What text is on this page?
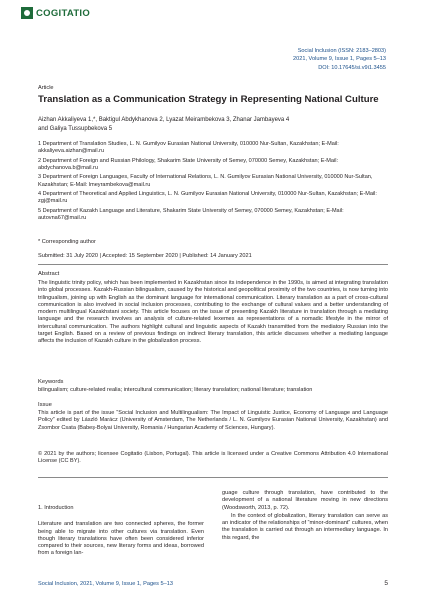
COGITATIO
Social Inclusion (ISSN: 2183–2803)
2021, Volume 9, Issue 1, Pages 5–13
DOI: 10.17645/si.v9i1.3455
Article
Translation as a Communication Strategy in Representing National Culture
Aizhan Akkaliyeva 1,*, Baktigul Abdykhanova 2, Lyazat Meirambekova 3, Zhanar Jambayeva 4
and Galiya Tussupbekova 5

1 Department of Translation Studies, L. N. Gumilyov Eurasian National University, 010000 Nur-Sultan, Kazakhstan; E-Mail: akkaliyeva.aizhan@mail.ru

2 Department of Foreign and Russian Philology, Shakarim State University of Semey, 070000 Semey, Kazakhstan; E-Mail: abdychanova.b@mail.ru

3 Department of Foreign Languages, Faculty of International Relations, L. N. Gumilyov Eurasian National University, 010000 Nur-Sultan, Kazakhstan; E-Mail: lmeyrambekova@mail.ru

4 Department of Theoretical and Applied Linguistics, L. N. Gumilyov Eurasian National University, 010000 Nur-Sultan, Kazakhstan; E-Mail: zgj@mail.ru

5 Department of Kazakh Language and Literature, Shakarim State University of Semey, 070000 Semey, Kazakhstan; E-Mail: autovna67@mail.ru

* Corresponding author
Submitted: 31 July 2020 | Accepted: 15 September 2020 | Published: 14 January 2021
Abstract
The linguistic trinity policy, which has been implemented in Kazakhstan since its independence in the 1990s, is aimed at integrating translation into global processes. Kazakh-Russian bilingualism, caused by the historical and geopolitical proximity of the two countries, is now turning into trilingualism, joining up with English as the dominant language for international communication. Literary translation as a part of cross-cultural communication is also involved in social inclusion processes, contributing to the exchange of cultural values and a better understanding of modern multilingual Kazakhstani society. This article focuses on the issue of presenting Kazakh literature in translation through a mediating language and the research involves an analysis of culture-related lexemes as representations of a nomadic lifestyle in the mirror of intercultural communication. The authors highlight cultural and linguistic aspects of Kazakh transmitted from the mediatory Russian into the target English. Based on a review of previous findings on indirect literary translation, this article discusses whether a mediating language affects the inclusion of Kazakh culture in the globalization process.
Keywords
bilingualism; culture-related realia; intercultural communication; literary translation; national literature; translation
Issue
This article is part of the issue “Social Inclusion and Multilingualism: The Impact of Linguistic Justice, Economy of Language and Language Policy” edited by László Marácz (University of Amsterdam, The Netherlands / L. N. Gumilyov Eurasian National University, Kazakhstan) and Zsombor Csata (Babeș-Bolyai University, Romania / Hungarian Academy of Sciences, Hungary).
© 2021 by the authors; licensee Cogitatio (Lisbon, Portugal). This article is licensed under a Creative Commons Attribution 4.0 International License (CC BY).

1. Introduction

Literature and translation are two connected spheres, the former being able to migrate into other cultures via translation. Even though literary translations have often been considered inferior compared to their sources, new literary forms and ideas, borrowed from a foreign lan-

guage culture through translation, have contributed to the development of a national literature moving in new directions (Woodsworth, 2013, p. 72).

In the context of globalization, literary translation can serve as an indicator of the relationships of “minor-dominant” cultures, when the translation is carried out through an intermediary language. In this regard, the

Social Inclusion, 2021, Volume 9, Issue 1, Pages 5–13	5
